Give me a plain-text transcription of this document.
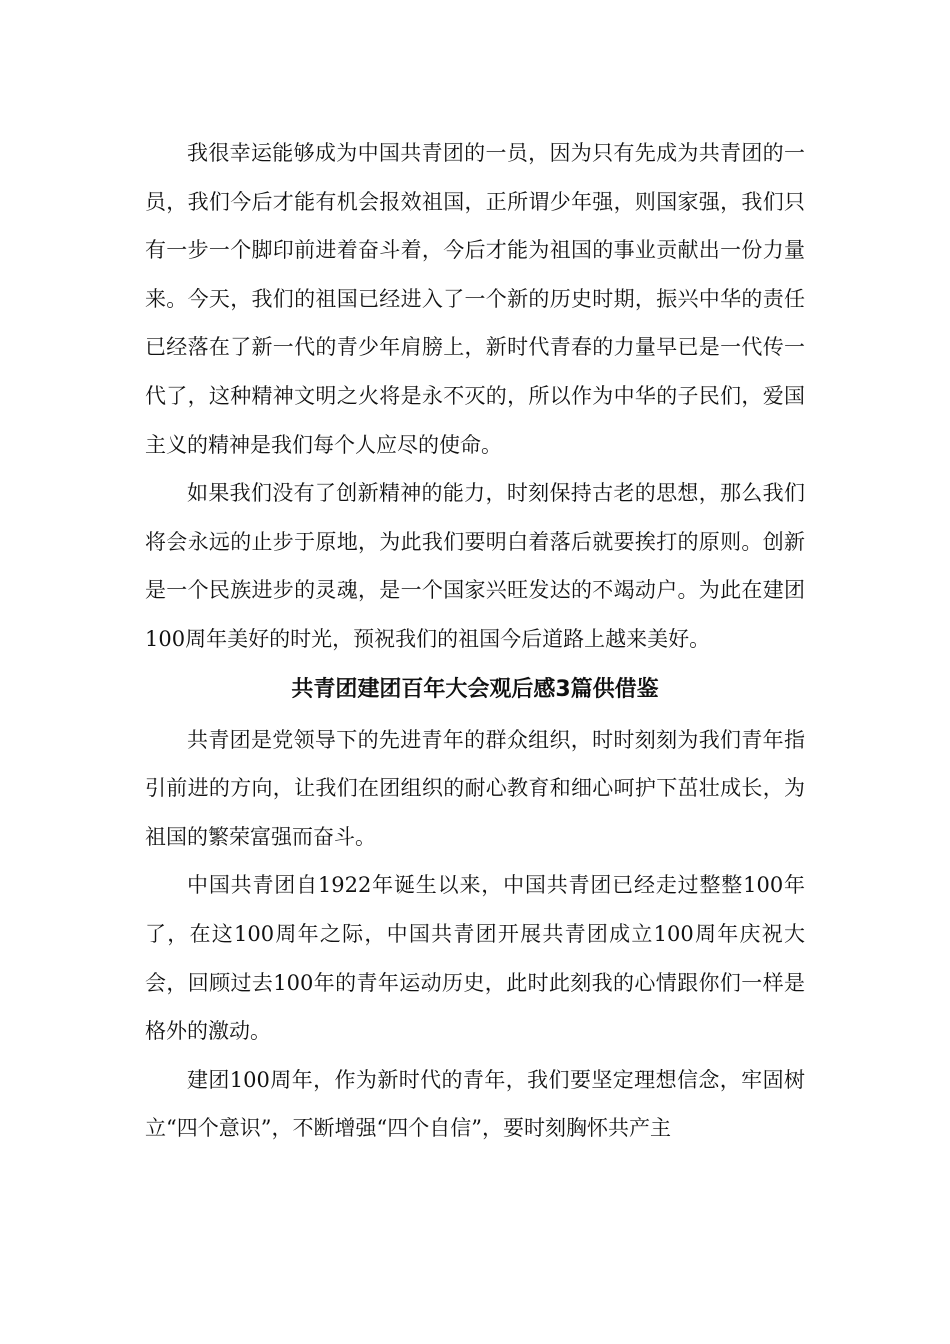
我很幸运能够成为中国共青团的一员，因为只有先成为共青团的一员，我们今后才能有机会报效祖国，正所谓少年强，则国家强，我们只有一步一个脚印前进着奋斗着，今后才能为祖国的事业贡献出一份力量来。今天，我们的祖国已经进入了一个新的历史时期，振兴中华的责任已经落在了新一代的青少年肩膀上，新时代青春的力量早已是一代传一代了，这种精神文明之火将是永不灭的，所以作为中华的子民们，爱国主义的精神是我们每个人应尽的使命。

如果我们没有了创新精神的能力，时刻保持古老的思想，那么我们将会永远的止步于原地，为此我们要明白着落后就要挨打的原则。创新是一个民族进步的灵魂，是一个国家兴旺发达的不竭动户。为此在建团100周年美好的时光，预祝我们的祖国今后道路上越来美好。

共青团建团百年大会观后感3篇供借鉴

共青团是党领导下的先进青年的群众组织，时时刻刻为我们青年指引前进的方向，让我们在团组织的耐心教育和细心呵护下茁壮成长，为祖国的繁荣富强而奋斗。

中国共青团自1922年诞生以来，中国共青团已经走过整整100年了，在这100周年之际，中国共青团开展共青团成立100周年庆祝大会，回顾过去100年的青年运动历史，此时此刻我的心情跟你们一样是格外的激动。

建团100周年，作为新时代的青年，我们要坚定理想信念，牢固树立“四个意识”，不断增强“四个自信”，要时刻胸怀共产主
